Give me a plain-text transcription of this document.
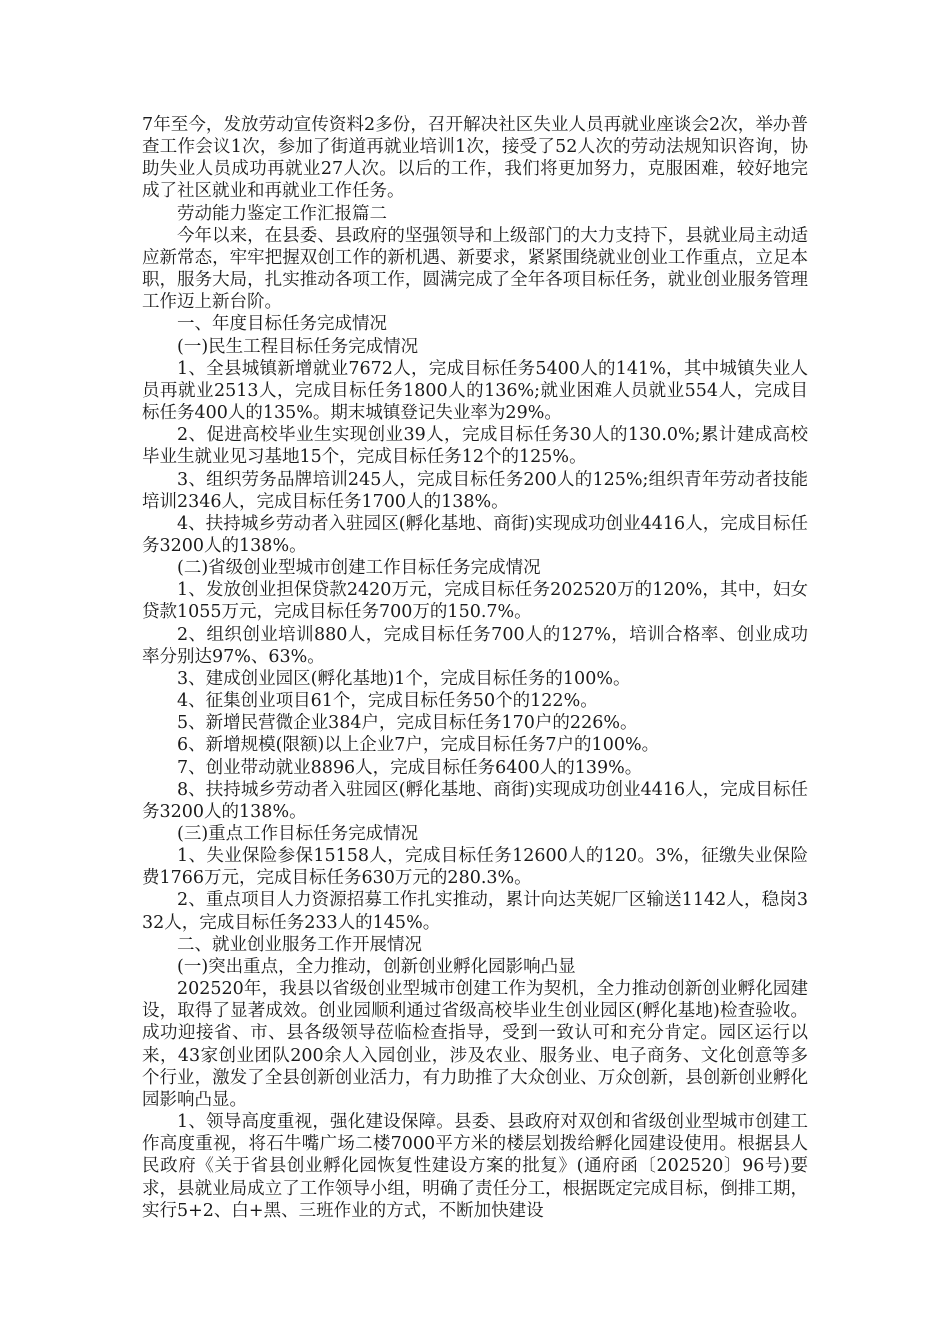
7年至今，发放劳动宣传资料2多份，召开解决社区失业人员再就业座谈会2次，举办普查工作会议1次，参加了街道再就业培训1次，接受了52人次的劳动法规知识咨询，协助失业人员成功再就业27人次。以后的工作，我们将更加努力，克服困难，较好地完成了社区就业和再就业工作任务。

劳动能力鉴定工作汇报篇二

今年以来，在县委、县政府的坚强领导和上级部门的大力支持下，县就业局主动适应新常态，牢牢把握双创工作的新机遇、新要求，紧紧围绕就业创业工作重点，立足本职，服务大局，扎实推动各项工作，圆满完成了全年各项目标任务，就业创业服务管理工作迈上新台阶。

一、年度目标任务完成情况

(一)民生工程目标任务完成情况

1、全县城镇新增就业7672人，完成目标任务5400人的141%，其中城镇失业人员再就业2513人，完成目标任务1800人的136%;就业困难人员就业554人，完成目标任务400人的135%。期末城镇登记失业率为29%。

2、促进高校毕业生实现创业39人，完成目标任务30人的130.0%;累计建成高校毕业生就业见习基地15个，完成目标任务12个的125%。

3、组织劳务品牌培训245人，完成目标任务200人的125%;组织青年劳动者技能培训2346人，完成目标任务1700人的138%。

4、扶持城乡劳动者入驻园区(孵化基地、商街)实现成功创业4416人，完成目标任务3200人的138%。

(二)省级创业型城市创建工作目标任务完成情况

1、发放创业担保贷款2420万元，完成目标任务202520万的120%，其中，妇女贷款1055万元，完成目标任务700万的150.7%。

2、组织创业培训880人，完成目标任务700人的127%，培训合格率、创业成功率分别达97%、63%。

3、建成创业园区(孵化基地)1个，完成目标任务的100%。

4、征集创业项目61个，完成目标任务50个的122%。

5、新增民营微企业384户，完成目标任务170户的226%。

6、新增规模(限额)以上企业7户，完成目标任务7户的100%。

7、创业带动就业8896人，完成目标任务6400人的139%。

8、扶持城乡劳动者入驻园区(孵化基地、商街)实现成功创业4416人，完成目标任务3200人的138%。

(三)重点工作目标任务完成情况

1、失业保险参保15158人，完成目标任务12600人的120。3%，征缴失业保险费1766万元，完成目标任务630万元的280.3%。

2、重点项目人力资源招募工作扎实推动，累计向达芙妮厂区输送1142人，稳岗332人，完成目标任务233人的145%。

二、就业创业服务工作开展情况

(一)突出重点，全力推动，创新创业孵化园影响凸显

202520年，我县以省级创业型城市创建工作为契机，全力推动创新创业孵化园建设，取得了显著成效。创业园顺利通过省级高校毕业生创业园区(孵化基地)检查验收。成功迎接省、市、县各级领导莅临检查指导，受到一致认可和充分肯定。园区运行以来，43家创业团队200余人入园创业，涉及农业、服务业、电子商务、文化创意等多个行业，激发了全县创新创业活力，有力助推了大众创业、万众创新，县创新创业孵化园影响凸显。

1、领导高度重视，强化建设保障。县委、县政府对双创和省级创业型城市创建工作高度重视，将石牛嘴广场二楼7000平方米的楼层划拨给孵化园建设使用。根据县人民政府《关于省县创业孵化园恢复性建设方案的批复》(通府函〔202520〕96号)要求，县就业局成立了工作领导小组，明确了责任分工，根据既定完成目标，倒排工期，实行5+2、白+黑、三班作业的方式，不断加快建设
